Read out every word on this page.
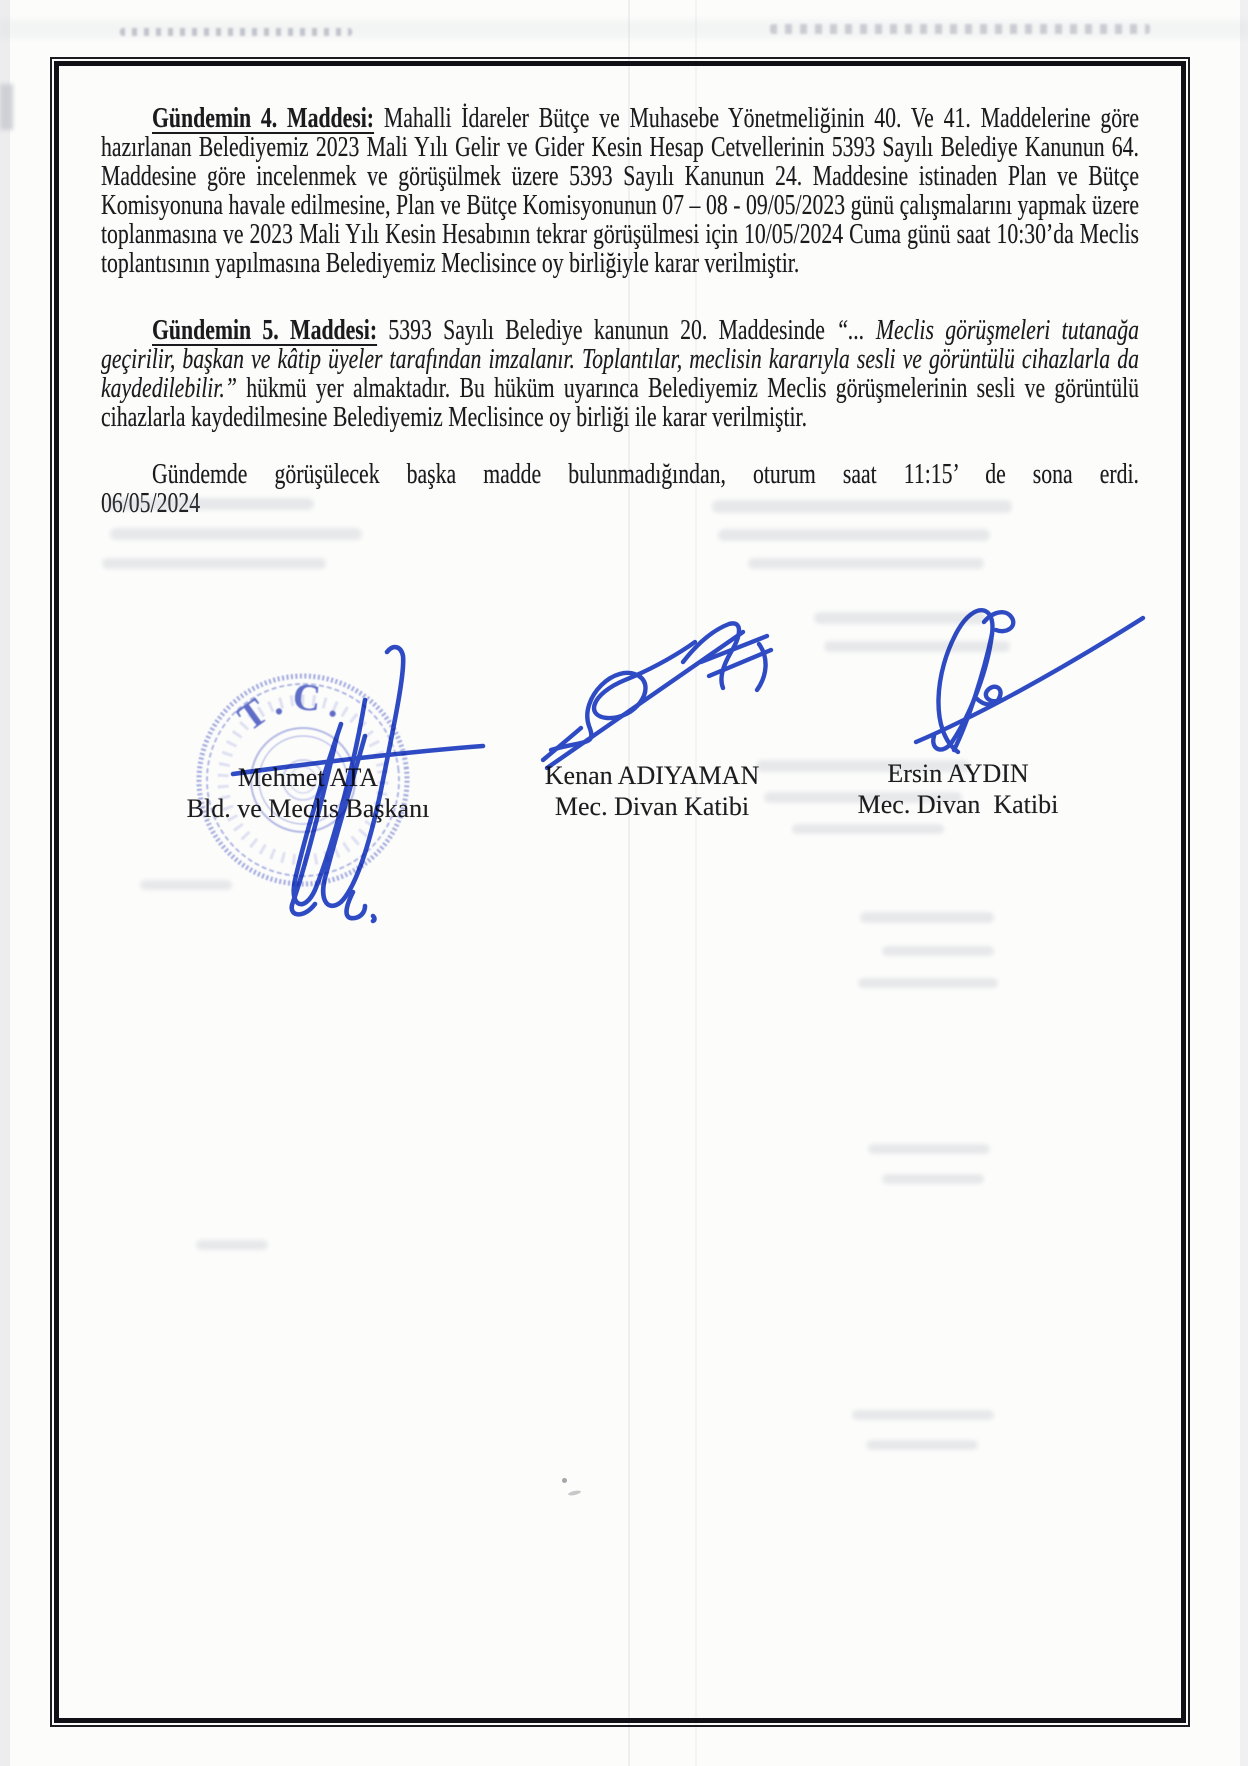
Gündemin 4. Maddesi: Mahalli İdareler Bütçe ve Muhasebe Yönetmeliğinin 40. Ve 41. Maddelerine göre hazırlanan Belediyemiz 2023 Mali Yılı Gelir ve Gider Kesin Hesap Cetvellerinin 5393 Sayılı Belediye Kanunun 64. Maddesine göre incelenmek ve görüşülmek üzere 5393 Sayılı Kanunun 24. Maddesine istinaden Plan ve Bütçe Komisyonuna havale edilmesine, Plan ve Bütçe Komisyonunun 07 – 08 - 09/05/2023 günü çalışmalarını yapmak üzere toplanmasına ve 2023 Mali Yılı Kesin Hesabının tekrar görüşülmesi için 10/05/2024 Cuma günü saat 10:30’da Meclis toplantısının yapılmasına Belediyemiz Meclisince oy birliğiyle karar verilmiştir.

Gündemin 5. Maddesi: 5393 Sayılı Belediye kanunun 20. Maddesinde “... Meclis görüşmeleri tutanağa geçirilir, başkan ve kâtip üyeler tarafından imzalanır. Toplantılar, meclisin kararıyla sesli ve görüntülü cihazlarla da kaydedilebilir.” hükmü yer almaktadır. Bu hüküm uyarınca Belediyemiz Meclis görüşmelerinin sesli ve görüntülü cihazlarla kaydedilmesine Belediyemiz Meclisince oy birliği ile karar verilmiştir.

Gündemde görüşülecek başka madde bulunmadığından, oturum saat 11:15’ de sona erdi.

06/05/2024

Mehmet ATA
Bld. ve Meclis Başkanı
Kenan ADIYAMAN
Mec. Divan Katibi
Ersin AYDIN
Mec. Divan  Katibi
T.C.
